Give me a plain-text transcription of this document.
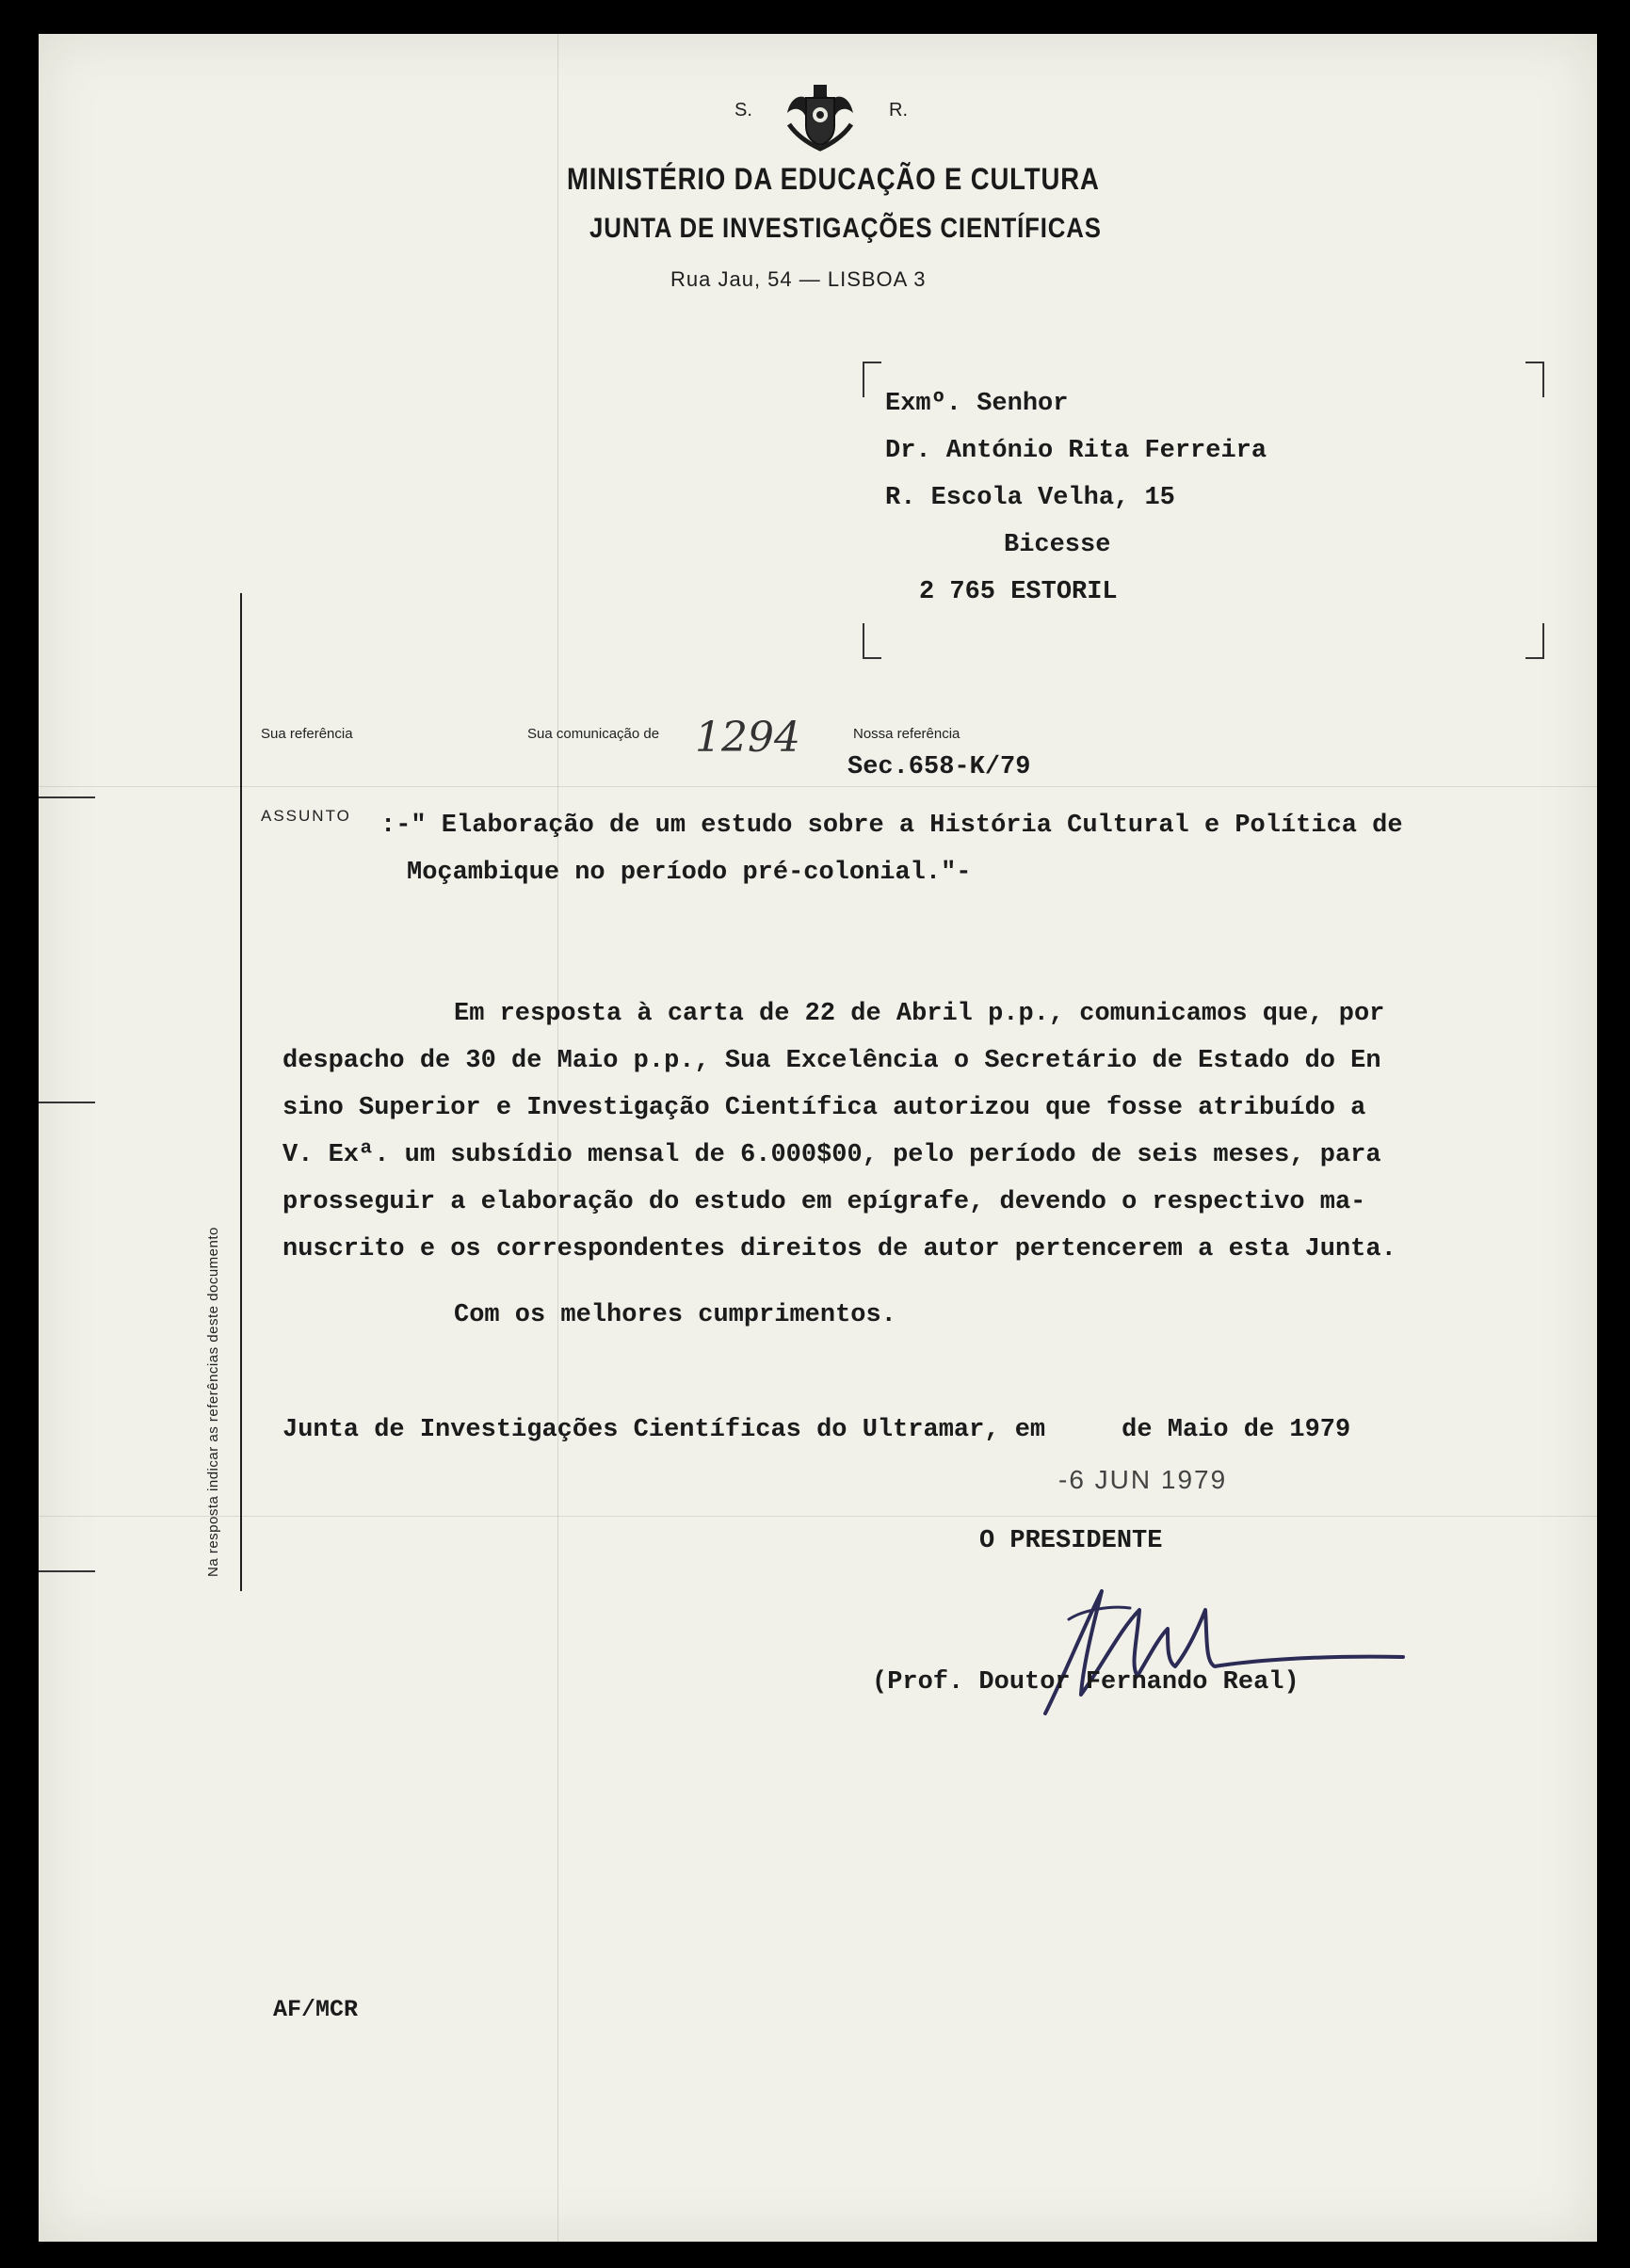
S.	R.
MINISTÉRIO DA EDUCAÇÃO E CULTURA
JUNTA DE INVESTIGAÇÕES CIENTÍFICAS
Rua Jau, 54 — LISBOA 3
Exmº. Senhor
Dr. António Rita Ferreira
R. Escola Velha, 15
Bicesse
2 765 ESTORIL
Na resposta indicar as referências deste documento
Sua referência	Sua comunicação de 1294	Nossa referência
Sec.658-K/79
ASSUNTO :-" Elaboração de um estudo sobre a História Cultural e Política de
Moçambique no período pré-colonial."-
Em resposta à carta de 22 de Abril p.p., comunicamos que, por
despacho de 30 de Maio p.p., Sua Excelência o Secretário de Estado do En
sino Superior e Investigação Científica autorizou que fosse atribuído a
V. Exª. um subsídio mensal de 6.000$00, pelo período de seis meses, para
prosseguir a elaboração do estudo em epígrafe, devendo o respectivo ma-
nuscrito e os correspondentes direitos de autor pertencerem a esta Junta.
Com os melhores cumprimentos.
Junta de Investigações Científicas do Ultramar, em     de Maio de 1979
-6 JUN 1979
O PRESIDENTE
(Prof. Doutor Fernando Real)
AF/MCR
